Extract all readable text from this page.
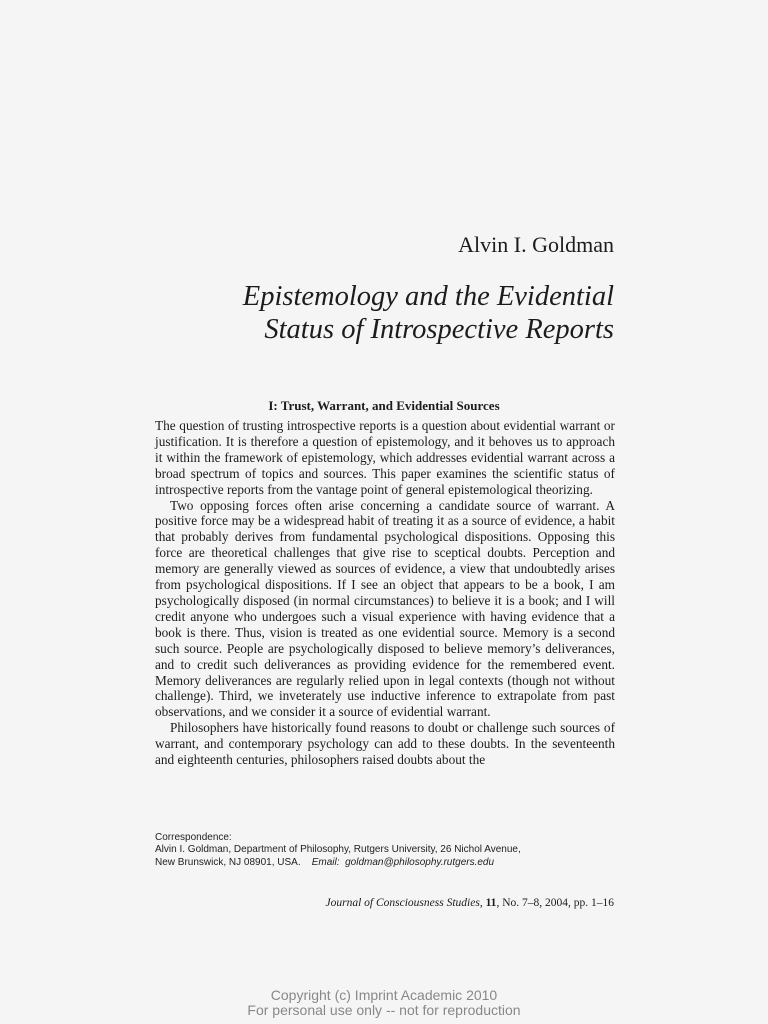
Alvin I. Goldman
Epistemology and the Evidential
Status of Introspective Reports
I: Trust, Warrant, and Evidential Sources

The question of trusting introspective reports is a question about evidential warrant or justification. It is therefore a question of epistemology, and it behoves us to approach it within the framework of epistemology, which addresses evidential warrant across a broad spectrum of topics and sources. This paper examines the scientific status of introspective reports from the vantage point of general epistemological theorizing.

Two opposing forces often arise concerning a candidate source of warrant. A positive force may be a widespread habit of treating it as a source of evidence, a habit that probably derives from fundamental psychological dispositions. Opposing this force are theoretical challenges that give rise to sceptical doubts. Perception and memory are generally viewed as sources of evidence, a view that undoubtedly arises from psychological dispositions. If I see an object that appears to be a book, I am psychologically disposed (in normal circumstances) to believe it is a book; and I will credit anyone who undergoes such a visual experience with having evidence that a book is there. Thus, vision is treated as one evidential source. Memory is a second such source. People are psychologically disposed to believe memory’s deliverances, and to credit such deliverances as providing evidence for the remembered event. Memory deliverances are regularly relied upon in legal contexts (though not without challenge). Third, we inveterately use inductive inference to extrapolate from past observations, and we consider it a source of evidential warrant.

Philosophers have historically found reasons to doubt or challenge such sources of warrant, and contemporary psychology can add to these doubts. In the seventeenth and eighteenth centuries, philosophers raised doubts about the

Correspondence:
Alvin I. Goldman, Department of Philosophy, Rutgers University, 26 Nichol Avenue,
New Brunswick, NJ 08901, USA. Email: goldman@philosophy.rutgers.edu
Journal of Consciousness Studies, 11, No. 7–8, 2004, pp. 1–16
Copyright (c) Imprint Academic 2010
For personal use only -- not for reproduction
